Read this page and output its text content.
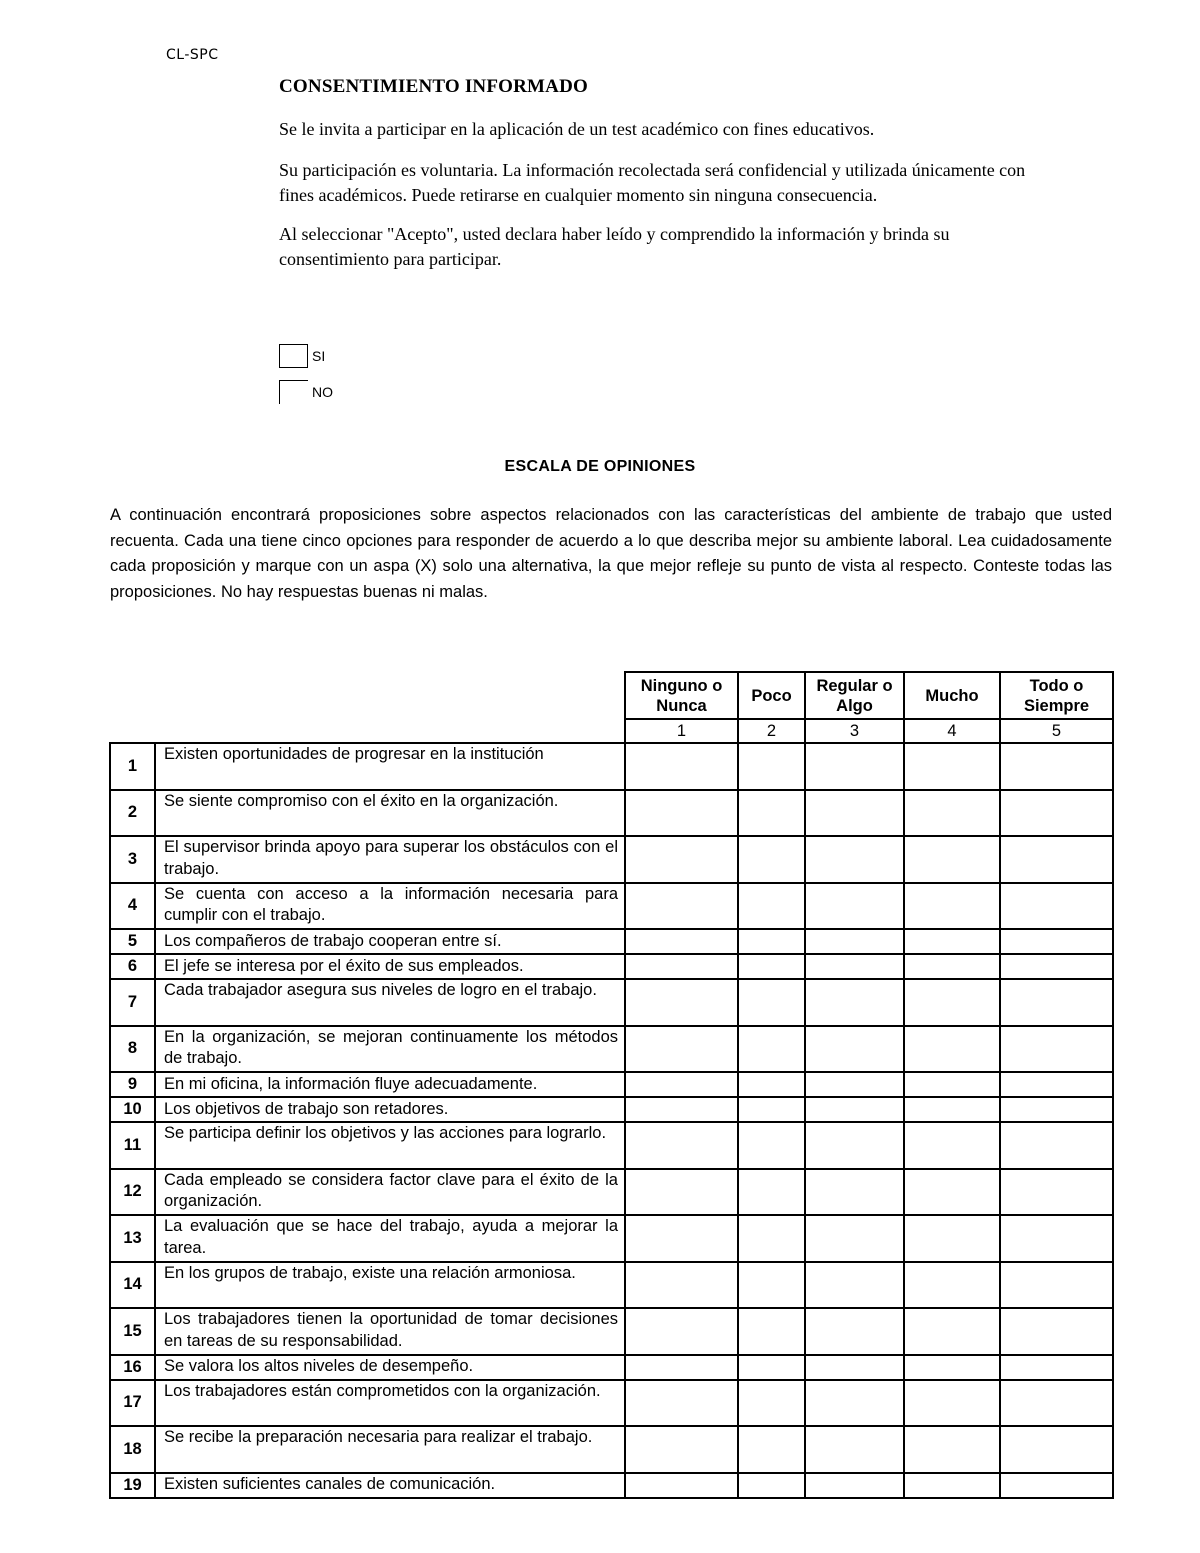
CL-SPC
CONSENTIMIENTO INFORMADO

Se le invita a participar en la aplicación de un test académico con fines educativos.

Su participación es voluntaria. La información recolectada será confidencial y utilizada únicamente con fines académicos. Puede retirarse en cualquier momento sin ninguna consecuencia.

Al seleccionar "Acepto", usted declara haber leído y comprendido la información y brinda su consentimiento para participar.

SI
NO
ESCALA DE OPINIONES
A continuación encontrará proposiciones sobre aspectos relacionados con las características del ambiente de trabajo que usted recuenta. Cada una tiene cinco opciones para responder de acuerdo a lo que describa mejor su ambiente laboral. Lea cuidadosamente cada proposición y marque con un aspa (X) solo una alternativa, la que mejor refleje su punto de vista al respecto. Conteste todas las proposiciones. No hay respuestas buenas ni malas.
		Ninguno o Nunca	Poco	Regular o Algo	Mucho	Todo o Siempre
		1	2	3	4	5
1	Existen oportunidades de progresar en la institución					
2	Se siente compromiso con el éxito en la organización.					
3	El supervisor brinda apoyo para superar los obstáculos con el trabajo.					
4	Se cuenta con acceso a la información necesaria para cumplir con el trabajo.					
5	Los compañeros de trabajo cooperan entre sí.					
6	El jefe se interesa por el éxito de sus empleados.					
7	Cada trabajador asegura sus niveles de logro en el trabajo.					
8	En la organización, se mejoran continuamente los métodos de trabajo.					
9	En mi oficina, la información fluye adecuadamente.					
10	Los objetivos de trabajo son retadores.					
11	Se participa definir los objetivos y las acciones para lograrlo.					
12	Cada empleado se considera factor clave para el éxito de la organización.					
13	La evaluación que se hace del trabajo, ayuda a mejorar la tarea.					
14	En los grupos de trabajo, existe una relación armoniosa.					
15	Los trabajadores tienen la oportunidad de tomar decisiones en tareas de su responsabilidad.					
16	Se valora los altos niveles de desempeño.					
17	Los trabajadores están comprometidos con la organización.					
18	Se recibe la preparación necesaria para realizar el trabajo.					
19	Existen suficientes canales de comunicación.					
